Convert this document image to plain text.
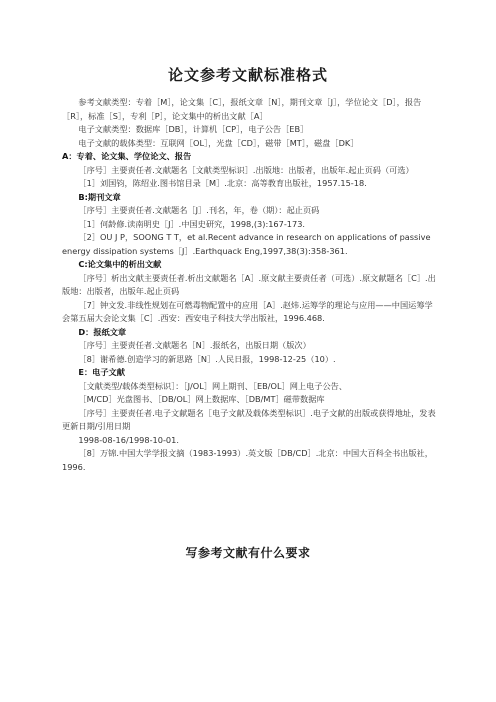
论文参考文献标准格式

参考文献类型：专着［M］，论文集［C］，报纸文章［N］，期刊文章［J］，学位论文［D］，报告［R］，标准［S］，专利［P］，论文集中的析出文献［A］

电子文献类型：数据库［DB］，计算机［CP］，电子公告［EB］

电子文献的载体类型：互联网［OL］，光盘［CD］，磁带［MT］，磁盘［DK］

A：专着、论文集、学位论文、报告

［序号］主要责任者.文献题名［文献类型标识］.出版地：出版者，出版年.起止页码（可选）

［1］刘国钧，陈绍业.图书馆目录［M］.北京：高等教育出版社，1957.15-18.

B:期刊文章

［序号］主要责任者.文献题名［J］.刊名，年，卷（期）：起止页码

［1］何龄修.读南明史［J］.中国史研究，1998,(3):167-173.

［2］OU J P，SOONG T T，et al.Recent advance in research on applications of passive energy dissipation systems［J］.Earthquack Eng,1997,38(3):358-361.

C:论文集中的析出文献

［序号］析出文献主要责任者.析出文献题名［A］.原文献主要责任者（可选）.原文献题名［C］.出版地：出版者，出版年.起止页码

［7］钟文发.非线性规划在可燃毒物配置中的应用［A］.赵炜.运筹学的理论与应用——中国运筹学会第五届大会论文集［C］.西安：西安电子科技大学出版社，1996.468.

D：报纸文章

［序号］主要责任者.文献题名［N］.报纸名，出版日期（版次）

［8］谢希德.创造学习的新思路［N］.人民日报，1998-12-25（10）.

E：电子文献

［文献类型/载体类型标识］：［J/OL］网上期刊、［EB/OL］网上电子公告、

［M/CD］光盘图书、［DB/OL］网上数据库、［DB/MT］磁带数据库

［序号］主要责任者.电子文献题名［电子文献及载体类型标识］.电子文献的出版或获得地址，发表更新日期/引用日期

1998-08-16/1998-10-01.

［8］万锦.中国大学学报文摘（1983-1993）.英文版［DB/CD］.北京：中国大百科全书出版社，1996.

写参考文献有什么要求
